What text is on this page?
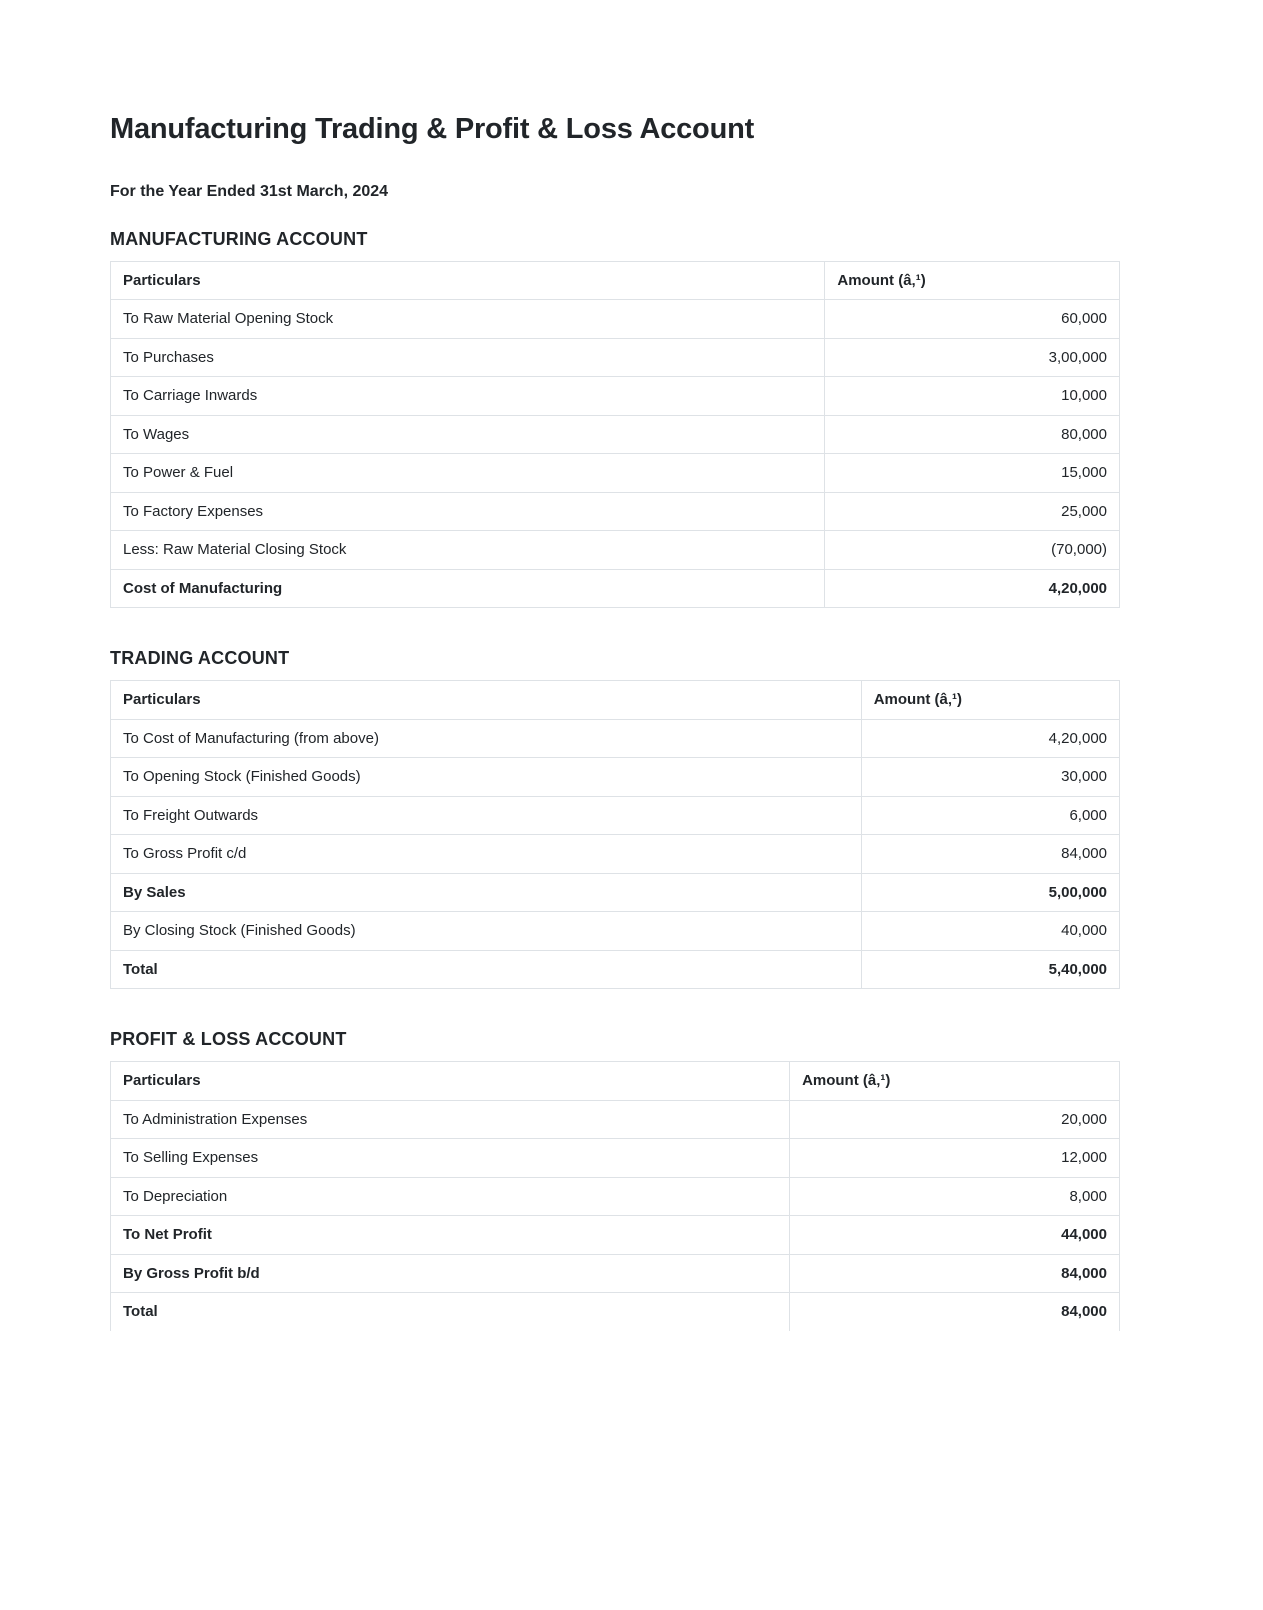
Manufacturing Trading & Profit & Loss Account

For the Year Ended 31st March, 2024

MANUFACTURING ACCOUNT
Particulars	Amount (â‚¹)
To Raw Material Opening Stock	60,000
To Purchases	3,00,000
To Carriage Inwards	10,000
To Wages	80,000
To Power & Fuel	15,000
To Factory Expenses	25,000
Less: Raw Material Closing Stock	(70,000)
Cost of Manufacturing	4,20,000
TRADING ACCOUNT
Particulars	Amount (â‚¹)
To Cost of Manufacturing (from above)	4,20,000
To Opening Stock (Finished Goods)	30,000
To Freight Outwards	6,000
To Gross Profit c/d	84,000
By Sales	5,00,000
By Closing Stock (Finished Goods)	40,000
Total	5,40,000
PROFIT & LOSS ACCOUNT
Particulars	Amount (â‚¹)
To Administration Expenses	20,000
To Selling Expenses	12,000
To Depreciation	8,000
To Net Profit	44,000
By Gross Profit b/d	84,000
Total	84,000
